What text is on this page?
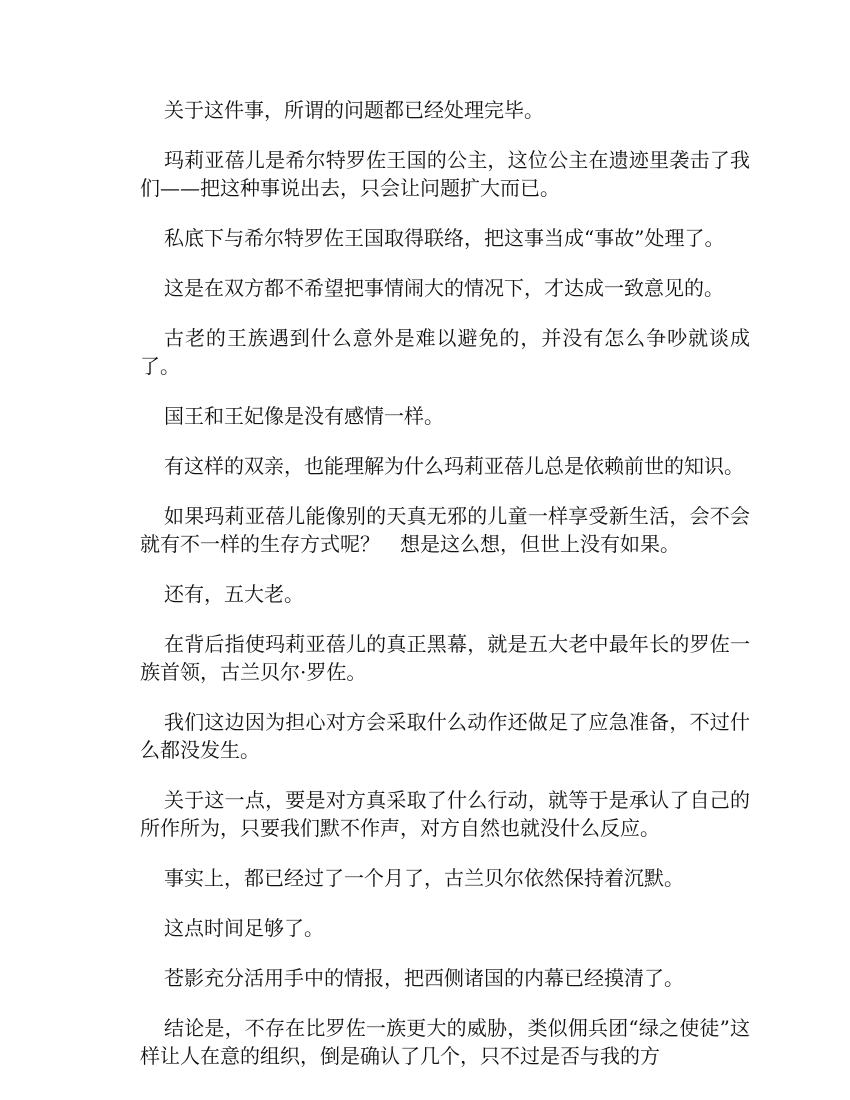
关于这件事，所谓的问题都已经处理完毕。

玛莉亚蓓儿是希尔特罗佐王国的公主，这位公主在遗迹里袭击了我们——把这种事说出去，只会让问题扩大而已。

私底下与希尔特罗佐王国取得联络，把这事当成“事故”处理了。

这是在双方都不希望把事情闹大的情况下，才达成一致意见的。

古老的王族遇到什么意外是难以避免的，并没有怎么争吵就谈成了。

国王和王妃像是没有感情一样。

有这样的双亲，也能理解为什么玛莉亚蓓儿总是依赖前世的知识。

如果玛莉亚蓓儿能像别的天真无邪的儿童一样享受新生活，会不会就有不一样的生存方式呢？　想是这么想，但世上没有如果。

还有，五大老。

在背后指使玛莉亚蓓儿的真正黑幕，就是五大老中最年长的罗佐一族首领，古兰贝尔·罗佐。

我们这边因为担心对方会采取什么动作还做足了应急准备，不过什么都没发生。

关于这一点，要是对方真采取了什么行动，就等于是承认了自己的所作所为，只要我们默不作声，对方自然也就没什么反应。

事实上，都已经过了一个月了，古兰贝尔依然保持着沉默。

这点时间足够了。

苍影充分活用手中的情报，把西侧诸国的内幕已经摸清了。

结论是，不存在比罗佐一族更大的威胁，类似佣兵团“绿之使徒”这样让人在意的组织，倒是确认了几个，只不过是否与我的方
